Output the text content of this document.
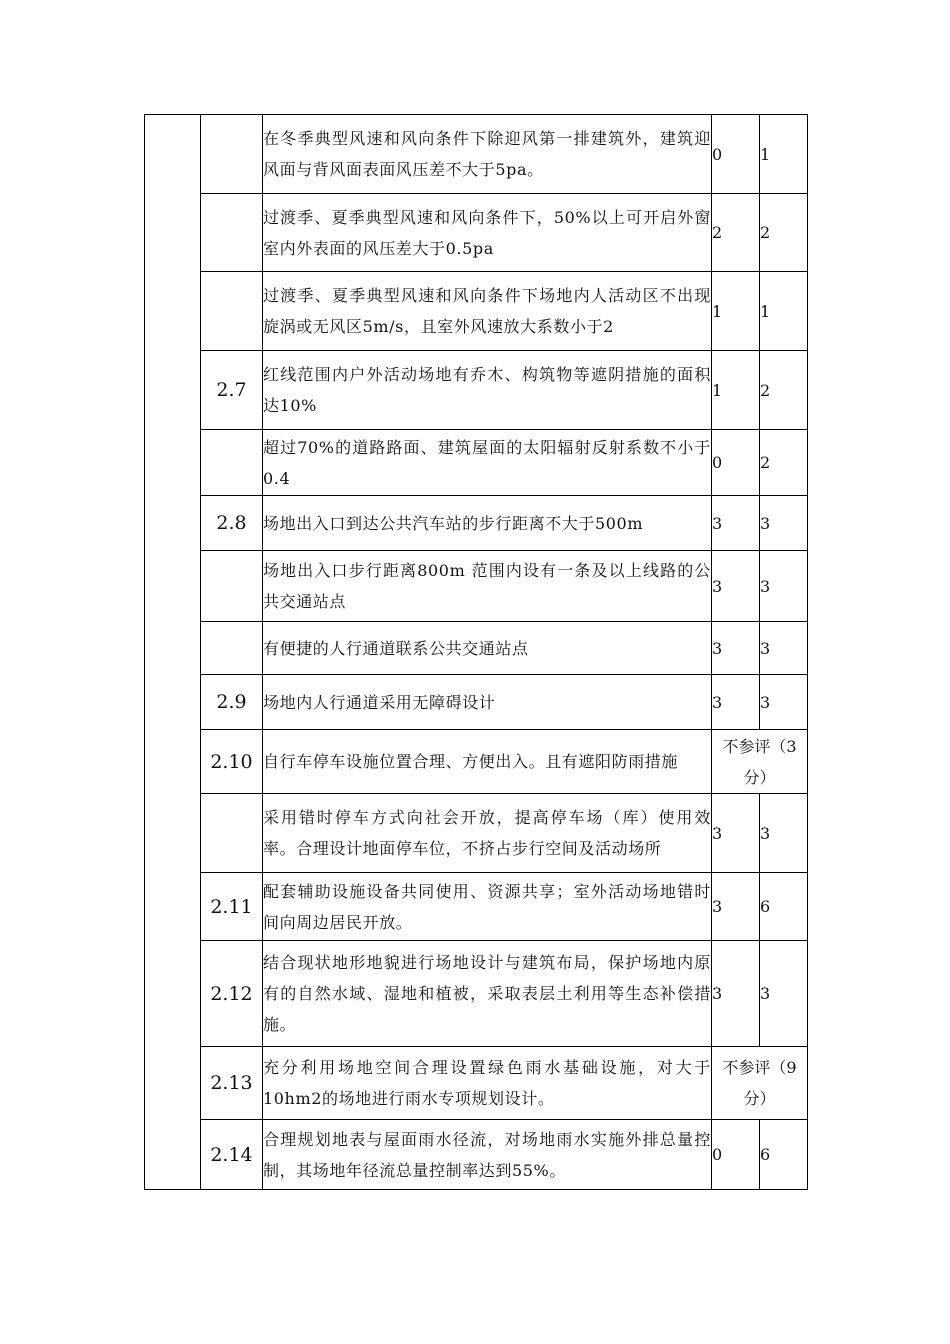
		在冬季典型风速和风向条件下除迎风第一排建筑外，建筑迎风面与背风面表面风压差不大于5pa。	0	1
		过渡季、夏季典型风速和风向条件下，50%以上可开启外窗室内外表面的风压差大于0.5pa	2	2
		过渡季、夏季典型风速和风向条件下场地内人活动区不出现旋涡或无风区5m/s，且室外风速放大系数小于2	1	1
	2.7	红线范围内户外活动场地有乔木、构筑物等遮阴措施的面积达10%	1	2
		超过70%的道路路面、建筑屋面的太阳辐射反射系数不小于0.4	0	2
	2.8	场地出入口到达公共汽车站的步行距离不大于500m	3	3
		场地出入口步行距离800m 范围内设有一条及以上线路的公共交通站点	3	3
		有便捷的人行通道联系公共交通站点	3	3
	2.9	场地内人行通道采用无障碍设计	3	3
	2.10	自行车停车设施位置合理、方便出入。且有遮阳防雨措施	不参评（3分）	
		采用错时停车方式向社会开放，提高停车场（库）使用效率。合理设计地面停车位，不挤占步行空间及活动场所	3	3
	2.11	配套辅助设施设备共同使用、资源共享；室外活动场地错时间向周边居民开放。	3	6
	2.12	结合现状地形地貌进行场地设计与建筑布局，保护场地内原有的自然水域、湿地和植被，采取表层土利用等生态补偿措施。	3	3
	2.13	充分利用场地空间合理设置绿色雨水基础设施，对大于10hm2的场地进行雨水专项规划设计。	不参评（9分）	
	2.14	合理规划地表与屋面雨水径流，对场地雨水实施外排总量控制，其场地年径流总量控制率达到55%。	0	6
